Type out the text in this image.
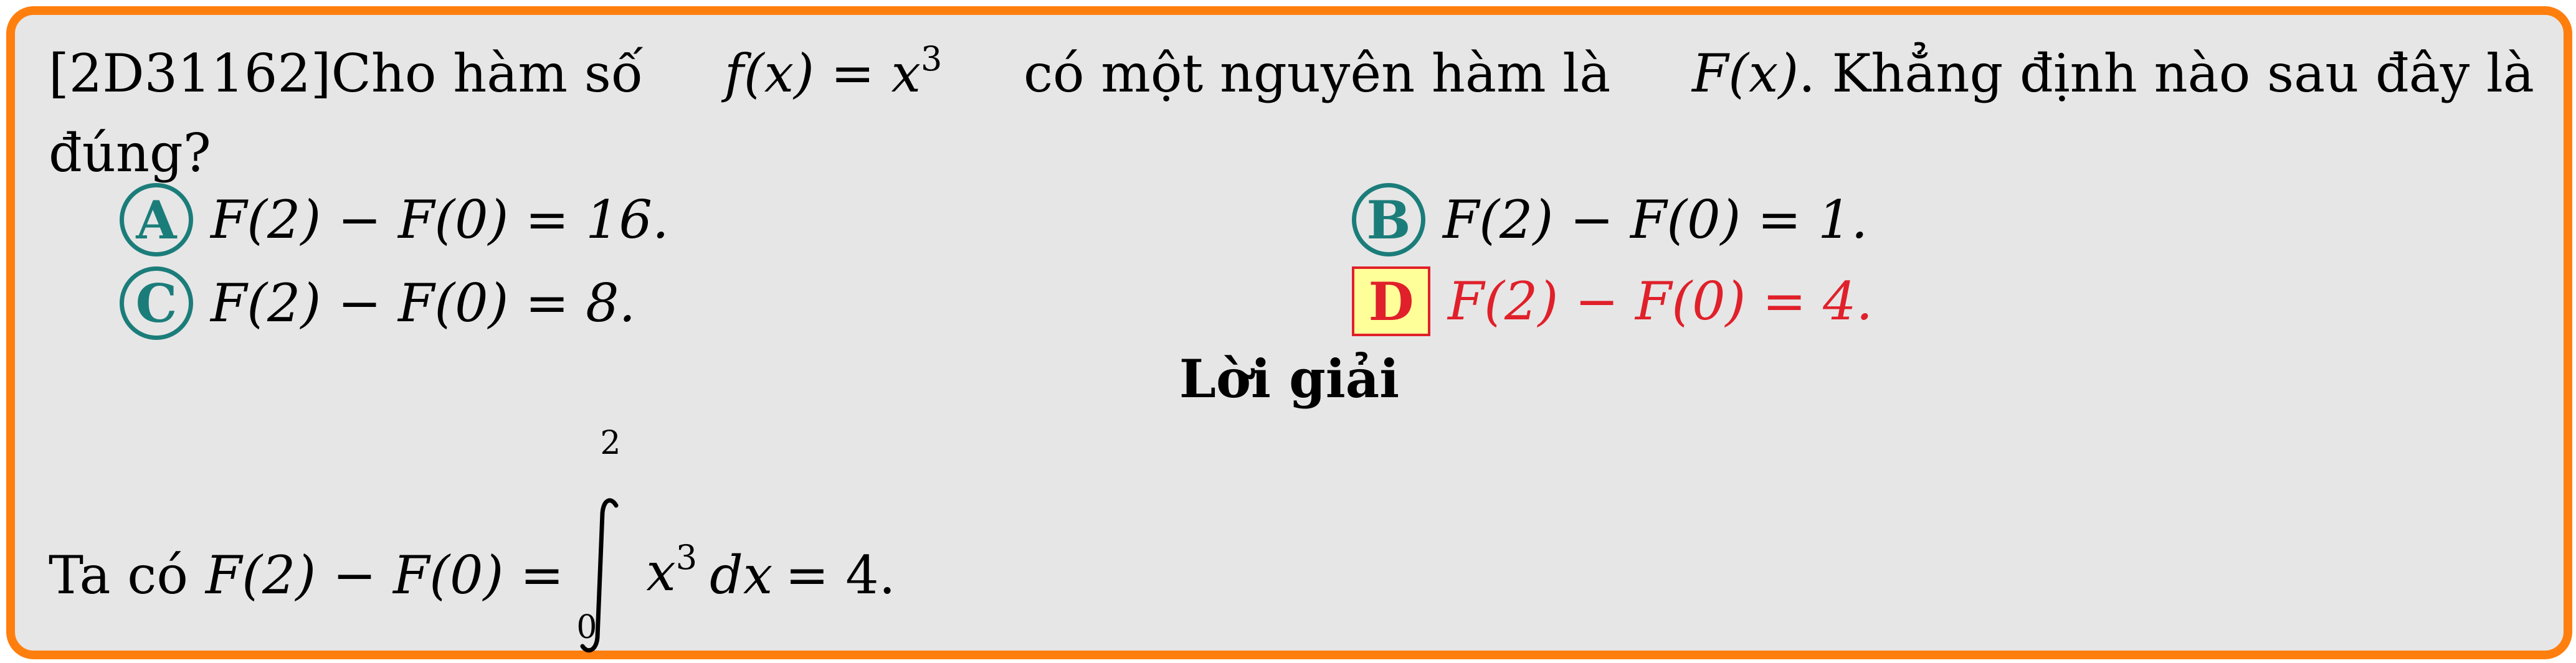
[2D31162]Cho hàm số $f(x) = x^3$ có một nguyên hàm là F(x). Khẳng định nào sau đây là
đúng?
A F(2) − F(0) = 16.	B F(2) − F(0) = 1.
C F(2) − F(0) = 8.	D F(2) − F(0) = 4.
Lời giải
Ta có F(2) − F(0) =
2
0
$x^3$ dx = 4.
